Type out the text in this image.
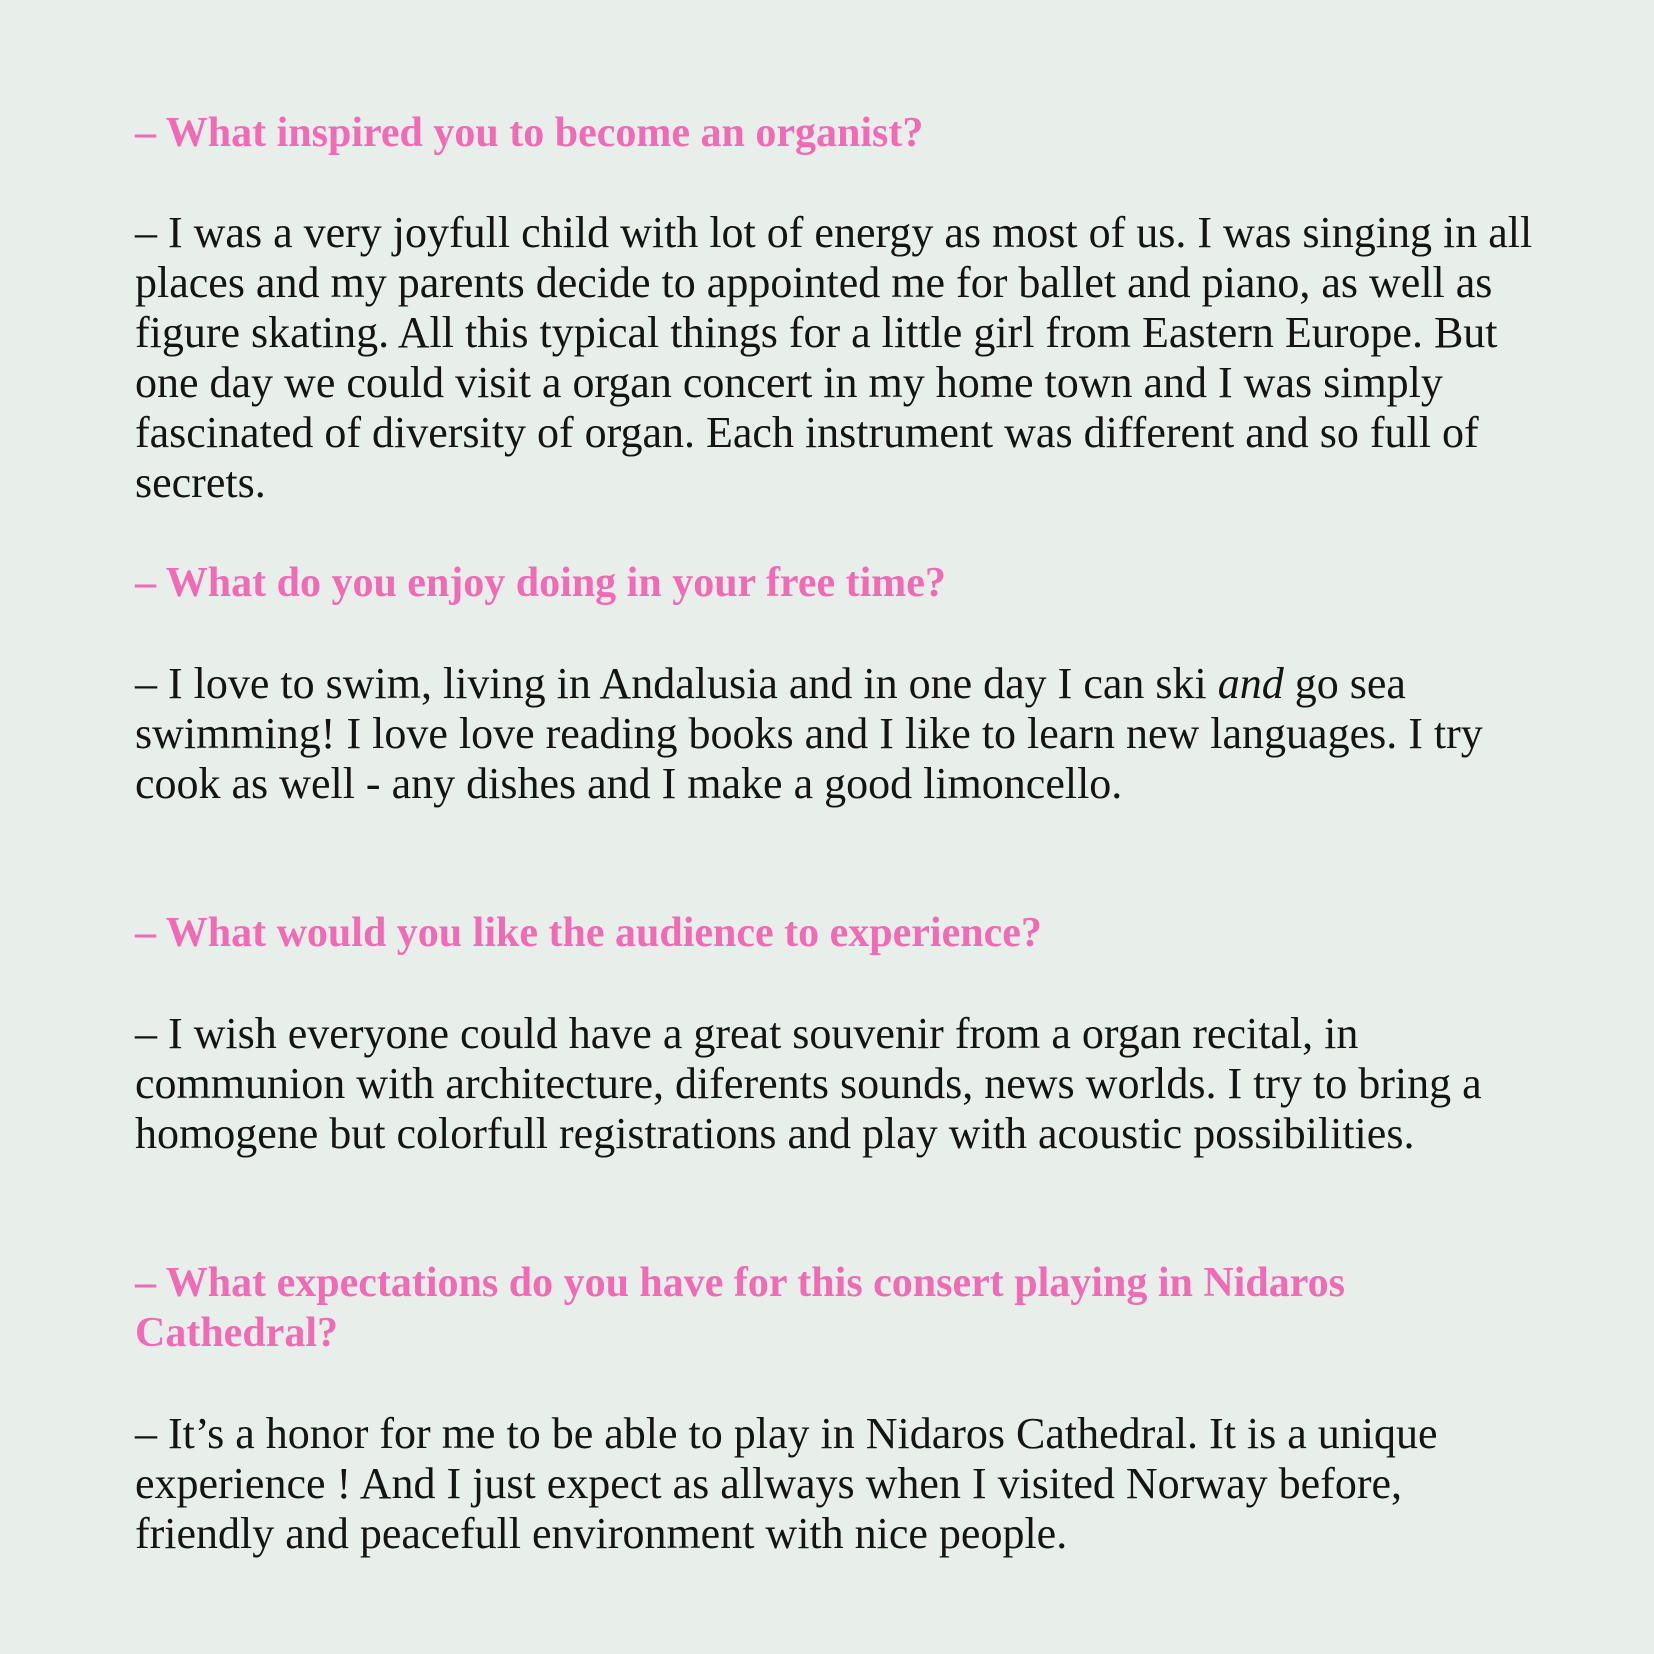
– What inspired you to become an organist?

– I was a very joyfull child with lot of energy as most of us. I was singing in all places and my parents decide to appointed me for ballet and piano, as well as figure skating. All this typical things for a little girl from Eastern Europe. But one day we could visit a organ concert in my home town and I was simply fascinated of diversity of organ. Each instrument was different and so full of secrets.

– What do you enjoy doing in your free time?

– I love to swim, living in Andalusia and in one day I can ski and go sea swimming! I love love reading books and I like to learn new languages. I try cook as well - any dishes and I make a good limoncello.

– What would you like the audience to experience?

– I wish everyone could have a great souvenir from a organ recital, in communion with architecture, diferents sounds, news worlds. I try to bring a homogene but colorfull registrations and play with acoustic possibilities.

– What expectations do you have for this consert playing in Nidaros Cathedral?

– It’s a honor for me to be able to play in Nidaros Cathedral. It is a unique experience ! And I just expect as allways when I visited Norway before, friendly and peacefull environment with nice people.
